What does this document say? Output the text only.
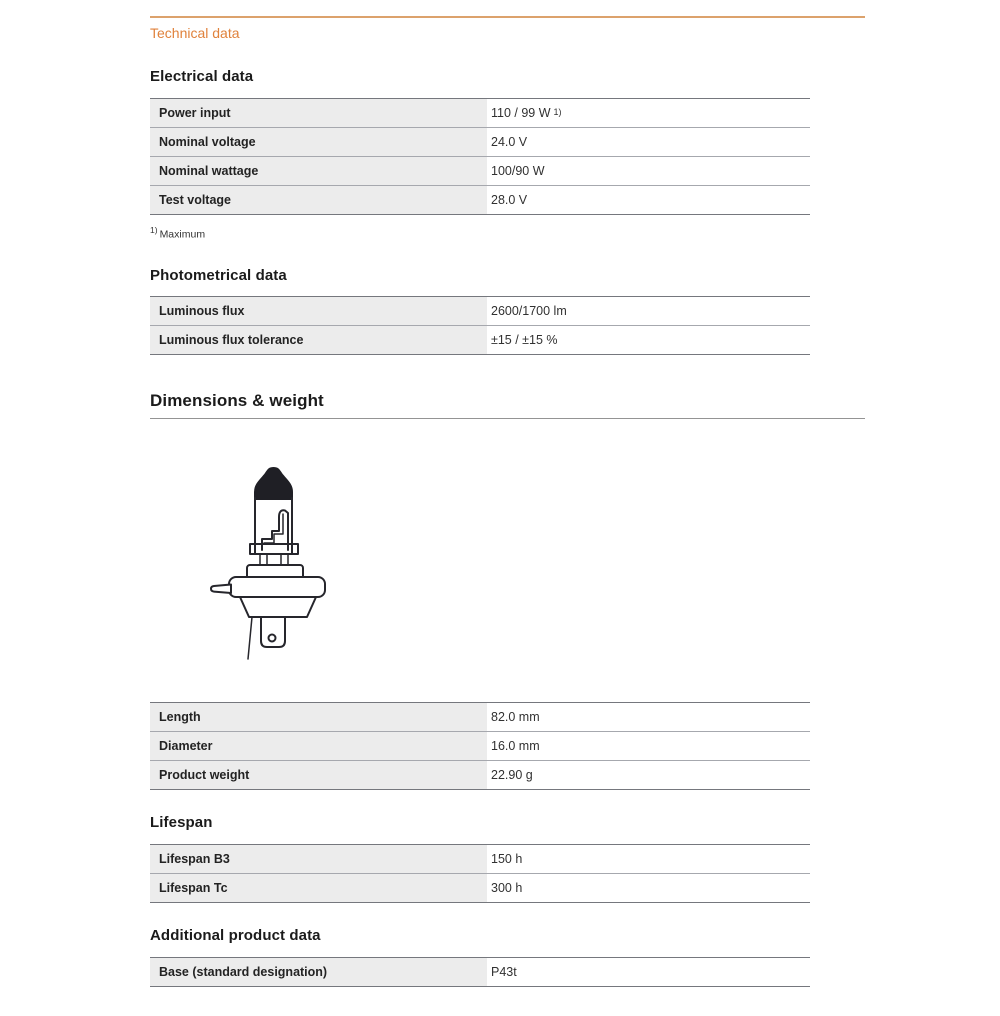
Technical data
Electrical data
Power input	110 / 99 W $^{1)}$
Nominal voltage	24.0 V
Nominal wattage	100/90 W
Test voltage	28.0 V
$^{1)}$ Maximum
Photometrical data
Luminous flux	2600/1700 lm
Luminous flux tolerance	±15 / ±15 %
Dimensions & weight
Length	82.0 mm
Diameter	16.0 mm
Product weight	22.90 g
Lifespan
Lifespan B3	150 h
Lifespan Tc	300 h
Additional product data
Base (standard designation)	P43t
